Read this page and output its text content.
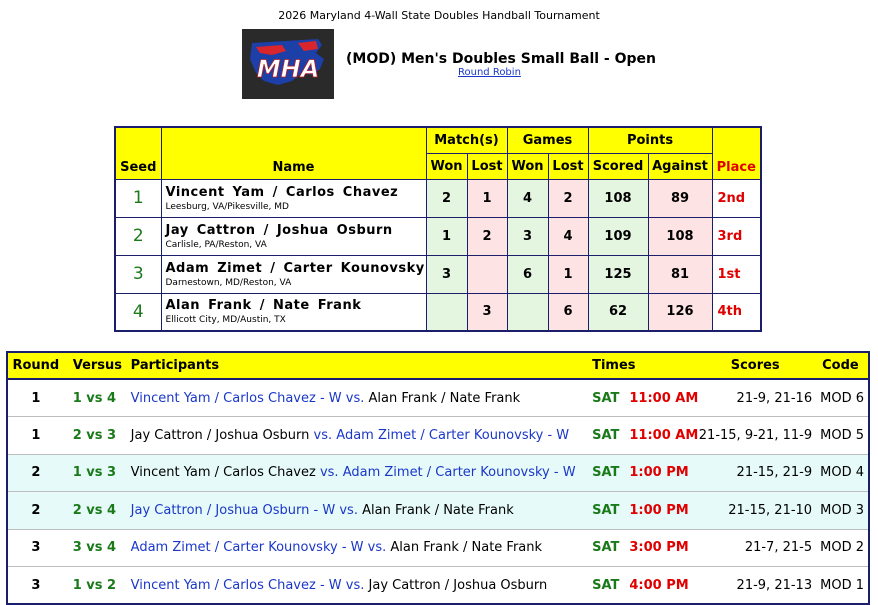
2026 Maryland 4-Wall State Doubles Handball Tournament
MHA (MOD) Men's Doubles Small Ball - Open
Round Robin
Seed	Name	Match(s)		Games		Points		Place
		Won	Lost	Won	Lost	Scored	Against	
1	Vincent Yam / Carlos Chavez
Leesburg, VA/Pikesville, MD	2	1	4	2	108	89	2nd
2	Jay Cattron / Joshua Osburn
Carlisle, PA/Reston, VA	1	2	3	4	109	108	3rd
3	Adam Zimet / Carter Kounovsky
Darnestown, MD/Reston, VA	3		6	1	125	81	1st
4	Alan Frank / Nate Frank
Ellicott City, MD/Austin, TX		3		6	62	126	4th
Round	Versus	Participants	Times	Scores	Code
1	1 vs 4	Vincent Yam / Carlos Chavez - W vs. Alan Frank / Nate Frank	SAT 11:00 AM	21-9, 21-16	MOD 6
1	2 vs 3	Jay Cattron / Joshua Osburn vs. Adam Zimet / Carter Kounovsky - W	SAT 11:00 AM	21-15, 9-21, 11-9	MOD 5
2	1 vs 3	Vincent Yam / Carlos Chavez vs. Adam Zimet / Carter Kounovsky - W	SAT 1:00 PM	21-15, 21-9	MOD 4
2	2 vs 4	Jay Cattron / Joshua Osburn - W vs. Alan Frank / Nate Frank	SAT 1:00 PM	21-15, 21-10	MOD 3
3	3 vs 4	Adam Zimet / Carter Kounovsky - W vs. Alan Frank / Nate Frank	SAT 3:00 PM	21-7, 21-5	MOD 2
3	1 vs 2	Vincent Yam / Carlos Chavez - W vs. Jay Cattron / Joshua Osburn	SAT 4:00 PM	21-9, 21-13	MOD 1
